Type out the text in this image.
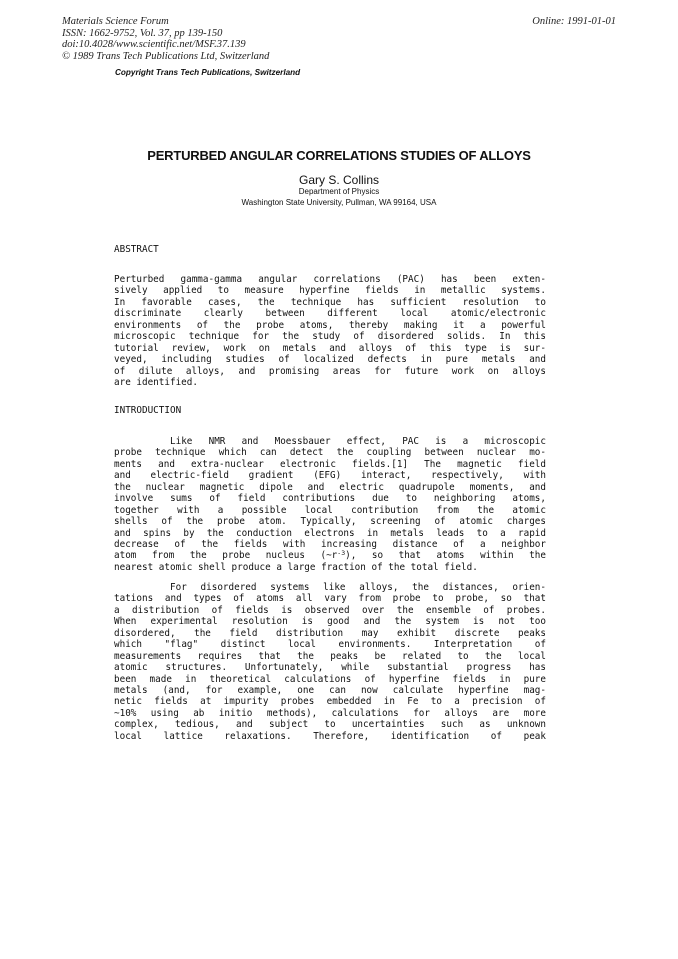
Materials Science Forum
ISSN: 1662-9752, Vol. 37, pp 139-150
doi:10.4028/www.scientific.net/MSF.37.139
© 1989 Trans Tech Publications Ltd, Switzerland
Online: 1991-01-01
Copyright Trans Tech Publications, Switzerland
PERTURBED ANGULAR CORRELATIONS STUDIES OF ALLOYS
Gary S. Collins
Department of Physics
Washington State University, Pullman, WA 99164, USA
ABSTRACT
Perturbed gamma-gamma angular correlations (PAC) has been exten-
sively applied to measure hyperfine fields in metallic systems.
In favorable cases, the technique has sufficient resolution to
discriminate clearly between different local atomic/electronic
environments of the probe atoms, thereby making it a powerful
microscopic technique for the study of disordered solids. In this
tutorial review, work on metals and alloys of this type is sur-
veyed, including studies of localized defects in pure metals and
of dilute alloys, and promising areas for future work on alloys
are identified.
INTRODUCTION
Like NMR and Moessbauer effect, PAC is a microscopic
probe technique which can detect the coupling between nuclear mo-
ments and extra-nuclear electronic fields.[1] The magnetic field
and electric-field gradient (EFG) interact, respectively, with
the nuclear magnetic dipole and electric quadrupole moments, and
involve sums of field contributions due to neighboring atoms,
together with a possible local contribution from the atomic
shells of the probe atom. Typically, screening of atomic charges
and spins by the conduction electrons in metals leads to a rapid
decrease of the fields with increasing distance of a neighbor
atom from the probe nucleus $(\sim r^{-3})$, so that atoms within the
nearest atomic shell produce a large fraction of the total field.
For disordered systems like alloys, the distances, orien-
tations and types of atoms all vary from probe to probe, so that
a distribution of fields is observed over the ensemble of probes.
When experimental resolution is good and the system is not too
disordered, the field distribution may exhibit discrete peaks
which "flag" distinct local environments. Interpretation of
measurements requires that the peaks be related to the local
atomic structures. Unfortunately, while substantial progress has
been made in theoretical calculations of hyperfine fields in pure
metals (and, for example, one can now calculate hyperfine mag-
netic fields at impurity probes embedded in Fe to a precision of
~10% using ab initio methods), calculations for alloys are more
complex, tedious, and subject to uncertainties such as unknown
local lattice relaxations. Therefore, identification of peak
